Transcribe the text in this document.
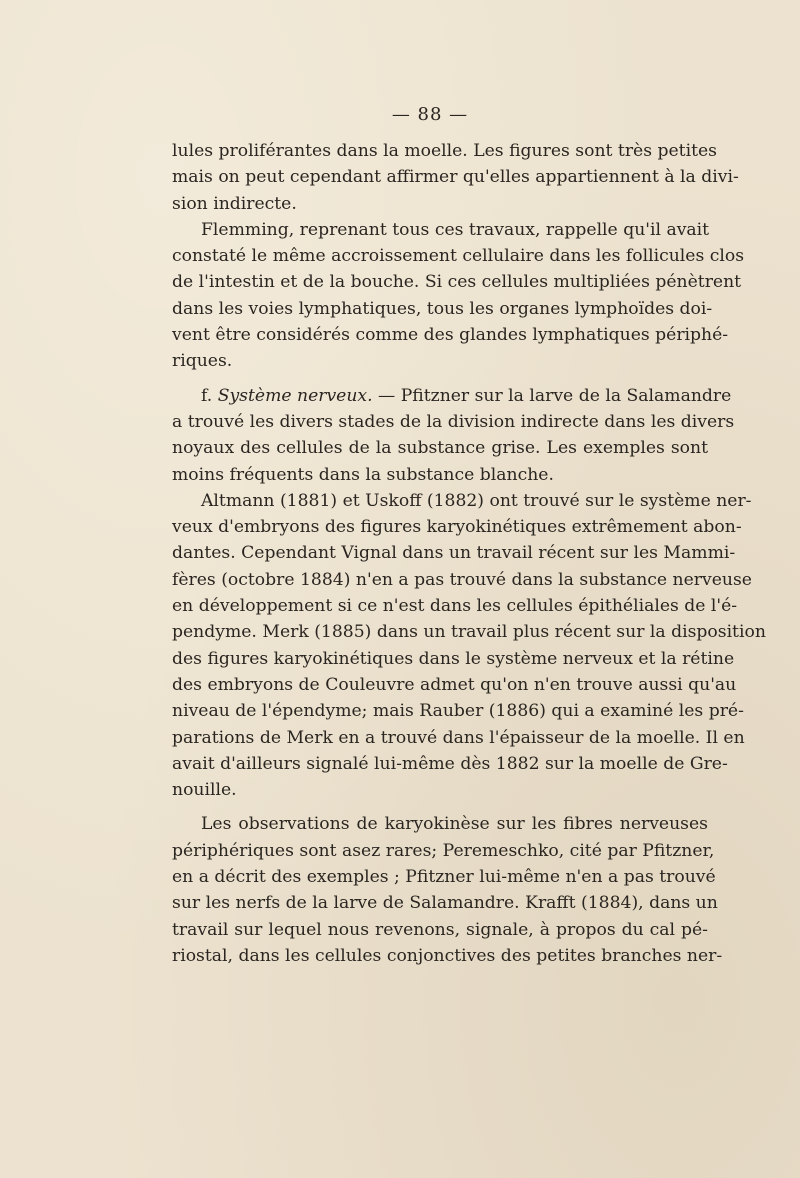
— 88 —
lules proliférantes dans la moelle. Les figures sont très petites
mais on peut cependant affirmer qu'elles appartiennent à la divi-
sion indirecte.
Flemming, reprenant tous ces travaux, rappelle qu'il avait
constaté le même accroissement cellulaire dans les follicules clos
de l'intestin et de la bouche. Si ces cellules multipliées pénètrent
dans les voies lymphatiques, tous les organes lymphoïdes doi-
vent être considérés comme des glandes lymphatiques périphé-
riques.
f. Système nerveux. — Pfitzner sur la larve de la Salamandre
a trouvé les divers stades de la division indirecte dans les divers
noyaux des cellules de la substance grise. Les exemples sont
moins fréquents dans la substance blanche.
Altmann (1881) et Uskoff (1882) ont trouvé sur le système ner-
veux d'embryons des figures karyokinétiques extrêmement abon-
dantes. Cependant Vignal dans un travail récent sur les Mammi-
fères (octobre 1884) n'en a pas trouvé dans la substance nerveuse
en développement si ce n'est dans les cellules épithéliales de l'é-
pendyme. Merk (1885) dans un travail plus récent sur la disposition
des figures karyokinétiques dans le système nerveux et la rétine
des embryons de Couleuvre admet qu'on n'en trouve aussi qu'au
niveau de l'épendyme; mais Rauber (1886) qui a examiné les pré-
parations de Merk en a trouvé dans l'épaisseur de la moelle. Il en
avait d'ailleurs signalé lui-même dès 1882 sur la moelle de Gre-
nouille.
Les observations de karyokinèse sur les fibres nerveuses
périphériques sont asez rares; Peremeschko, cité par Pfitzner,
en a décrit des exemples ; Pfitzner lui-même n'en a pas trouvé
sur les nerfs de la larve de Salamandre. Krafft (1884), dans un
travail sur lequel nous revenons, signale, à propos du cal pé-
riostal, dans les cellules conjonctives des petites branches ner-
